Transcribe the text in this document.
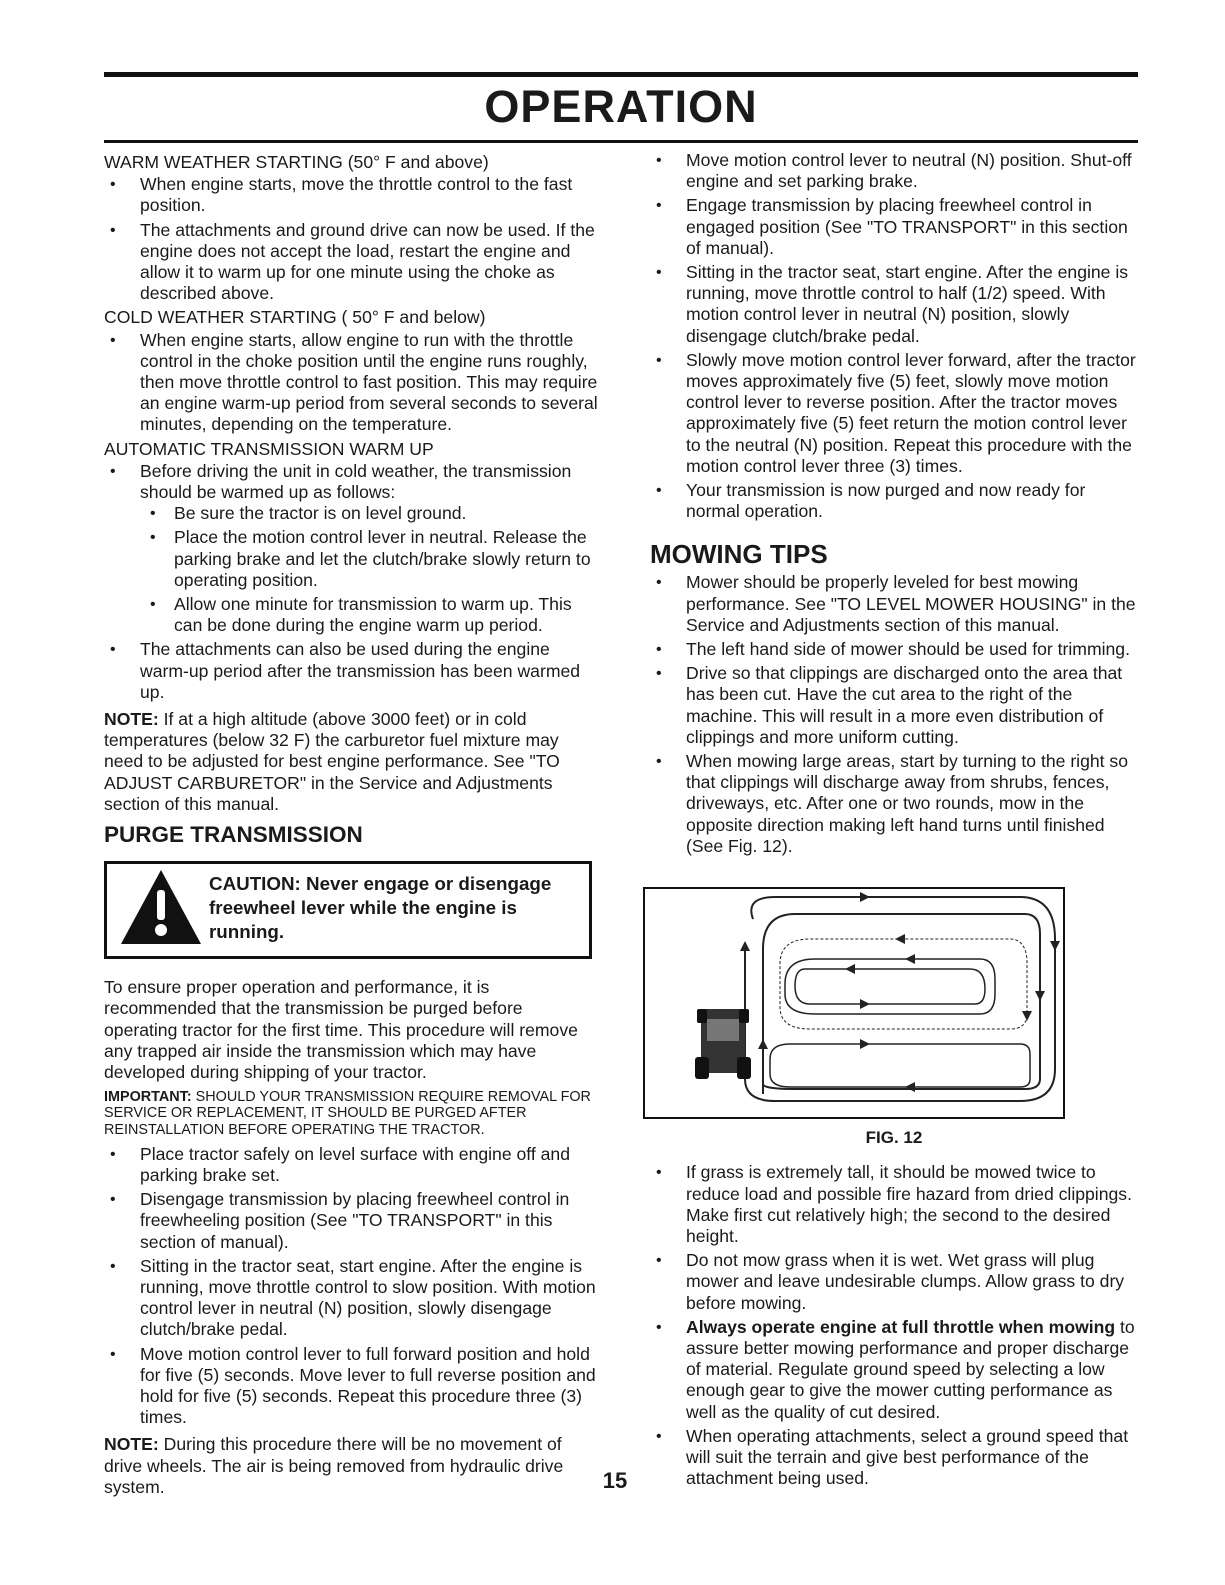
OPERATION

WARM WEATHER STARTING (50° F and above)

• When engine starts, move the throttle control to the fast position.
• The attachments and ground drive can now be used. If the engine does not accept the load, restart the engine and allow it to warm up for one minute using the choke as described above.

COLD WEATHER STARTING ( 50° F and below)

• When engine starts, allow engine to run with the throttle control in the choke position until the engine runs roughly, then move throttle control to fast position. This may require an engine warm-up period from several seconds to several minutes, depending on the temperature.

AUTOMATIC TRANSMISSION WARM UP

• Before driving the unit in cold weather, the transmission should be warmed up as follows:
• Be sure the tractor is on level ground.
• Place the motion control lever in neutral. Release the parking brake and let the clutch/brake slowly return to operating position.
• Allow one minute for transmission to warm up. This can be done during the engine warm up period.
• The attachments can also be used during the engine warm-up period after the transmission has been warmed up.

NOTE: If at a high altitude (above 3000 feet) or in cold temperatures (below 32 F) the carburetor fuel mixture may need to be adjusted for best engine performance. See "TO ADJUST CARBURETOR" in the Service and Adjustments section of this manual.

PURGE TRANSMISSION
CAUTION: Never engage or disengage freewheel lever while the engine is running.

To ensure proper operation and performance, it is recommended that the transmission be purged before operating tractor for the first time. This procedure will remove any trapped air inside the transmission which may have developed during shipping of your tractor.

IMPORTANT: SHOULD YOUR TRANSMISSION REQUIRE REMOVAL FOR SERVICE OR REPLACEMENT, IT SHOULD BE PURGED AFTER REINSTALLATION BEFORE OPERATING THE TRACTOR.

• Place tractor safely on level surface with engine off and parking brake set.
• Disengage transmission by placing freewheel control in freewheeling position (See "TO TRANSPORT" in this section of manual).
• Sitting in the tractor seat, start engine. After the engine is running, move throttle control to slow position. With motion control lever in neutral (N) position, slowly disengage clutch/brake pedal.
• Move motion control lever to full forward position and hold for five (5) seconds. Move lever to full reverse position and hold for five (5) seconds. Repeat this procedure three (3) times.

NOTE: During this procedure there will be no movement of drive wheels. The air is being removed from hydraulic drive system.

• Move motion control lever to neutral (N) position. Shut-off engine and set parking brake.
• Engage transmission by placing freewheel control in engaged position (See "TO TRANSPORT" in this section of manual).
• Sitting in the tractor seat, start engine. After the engine is running, move throttle control to half (1/2) speed. With motion control lever in neutral (N) position, slowly disengage clutch/brake pedal.
• Slowly move motion control lever forward, after the tractor moves approximately five (5) feet, slowly move motion control lever to reverse position. After the tractor moves approximately five (5) feet return the motion control lever to the neutral (N) position. Repeat this procedure with the motion control lever three (3) times.
• Your transmission is now purged and now ready for normal operation.
MOWING TIPS
• Mower should be properly leveled for best mowing performance. See "TO LEVEL MOWER HOUSING" in the Service and Adjustments section of this manual.
• The left hand side of mower should be used for trimming.
• Drive so that clippings are discharged onto the area that has been cut. Have the cut area to the right of the machine. This will result in a more even distribution of clippings and more uniform cutting.
• When mowing large areas, start by turning to the right so that clippings will discharge away from shrubs, fences, driveways, etc. After one or two rounds, mow in the opposite direction making left hand turns until finished (See Fig. 12).
FIG. 12
• If grass is extremely tall, it should be mowed twice to reduce load and possible fire hazard from dried clippings. Make first cut relatively high; the second to the desired height.
• Do not mow grass when it is wet. Wet grass will plug mower and leave undesirable clumps. Allow grass to dry before mowing.
• Always operate engine at full throttle when mowing to assure better mowing performance and proper discharge of material. Regulate ground speed by selecting a low enough gear to give the mower cutting performance as well as the quality of cut desired.
• When operating attachments, select a ground speed that will suit the terrain and give best performance of the attachment being used.
15
